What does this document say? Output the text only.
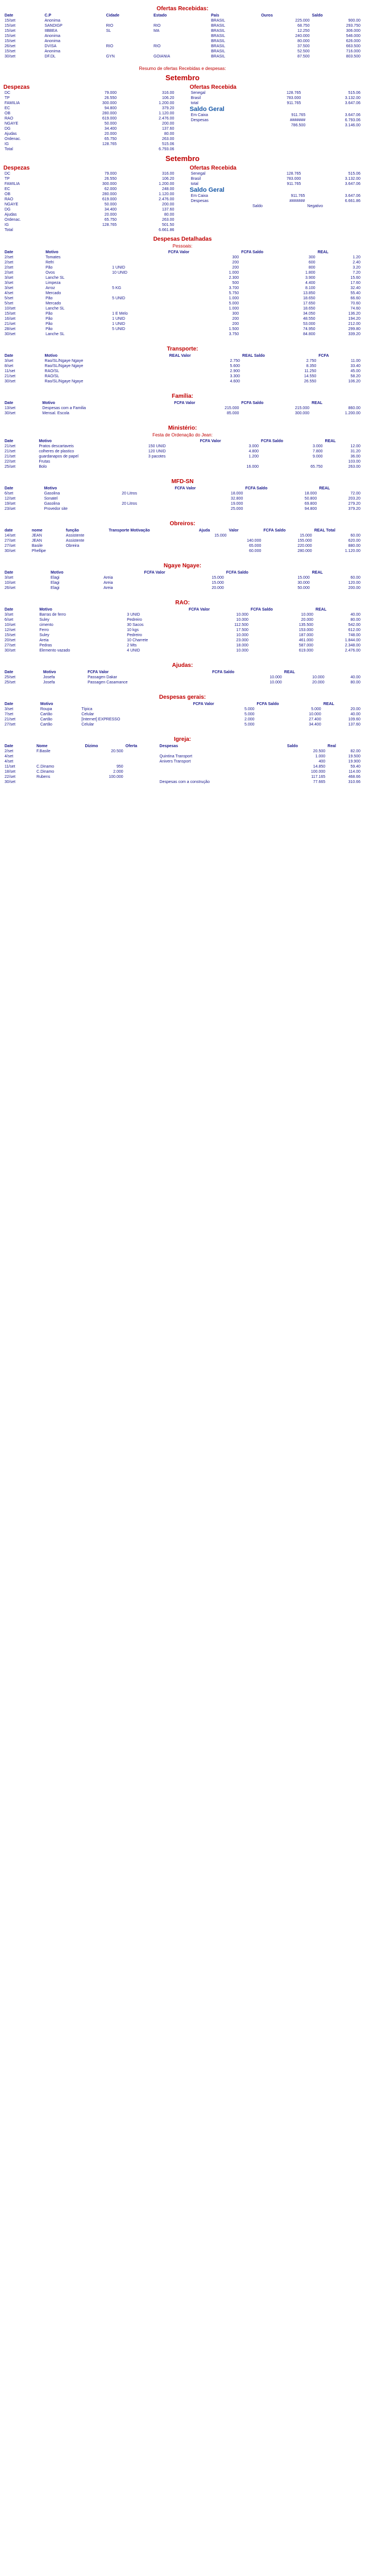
Ofertas Recebidas:
Date	C.P	Cidade	Estado	País	Ouros	Saldo
15/set	Anonima			BRASIL	225.000	900.00
15/set	SANDIGP	RIO	RIO	BRASIL	68.750	293.750
15/set	IIBBEA	SL	MA	BRASIL	12.250	306.000
15/set	Anonima			BRASIL	240.000	546.000
15/set	Anonima			BRASIL	80.000	626.000
26/set	DVISA	RIO	RIO	BRASIL	37.500	663.500
15/set	Anonima			BRASIL	52.500	716.000
30/set	DF.DL	GYN	GOIANIA	BRASIL	87.500	803.500
Resumo de ofertas Recebidas e despesas:
Setembro
Despezas
DC	79.000	316.00
TP	26.550	106.20
FAMILIA	300.000	1.200.00
EC	94.800	379.20
OB	280.000	1.120.00
RAO	619.000	2.476.00
NGAYE	50.000	200.00
DG	34.400	137.60
Ajudas	20.000	80.00
Ordenac.	65.750	263.00
IG	128.765	515.06
Total		6.793.06
Ofertas Recebida
Senegal	128.765	515.06
Brasil	783.000	3.132.00
total	911.765	3.647.06
Saldo Geral
Em Caixa	911.765	3.647.06
Despesas	#######	6.793.06
	786.500	3.146.00
Setembro
Despezas
DC	79.000	316.00
TP	26.550	106.20
FAMILIA	300.000	1.200.00
EC	62.000	248.00
OB	280.000	1.120.00
RAO	619.000	2.476.00
NGAYE	50.000	200.00
DG	34.400	137.60
Ajudas	20.000	80.00
Ordenac.	65.750	263.00
IG	128.765	501.50
Total		6.661.86
Ofertas Recebida
Senegal	128.765	515.06
Brasil	783.000	3.132.00
total	911.765	3.647.06
Saldo Geral
Em Caixa	911.765	3.647.06
Despesas	#######	6.661.86
	Saldo	Negativo
Despesas Detalhadas
Pessoais:
Date	Motivo		FCFA Valor	FCFA Saldo	REAL
2/set	Tomates		300	300	1.20
2/set	Refri		200	600	2.40
2/set	Pão	1 UNID	200	800	3.20
2/set	Ovos	10 UNID	1.000	1.800	7.20
3/set	Lanche SL		2.300	3.900	15.60
3/set	Limpeza		500	4.400	17.60
3/set	Arroz	5 KG	3.700	8.100	32.40
4/set	Mercado		5.750	13.850	55.40
5/set	Pão	5 UNID	1.000	18.650	66.60
5/set	Mercado		5.000	17.650	70.60
10/set	Lanche SL		1.000	18.650	74.60
15/set	Pão	1 E Melo	300	34.050	136.20
16/set	Pão	1 UNID	200	48.550	194.20
21/set	Pão	1 UNID	200	53.000	212.00
28/set	Pão	5 UNID	1.500	74.950	299.80
30/set	Lanche SL		3.750	84.800	339.20
Transporte:
Date	Motivo	REAL Valor	REAL Saldo	FCFA
3/set	Rao/SL/Ngaye Ngaye	2.750	2.750	11.00
8/set	Rao/SL/Ngaye Ngaye	5.600	8.350	33.40
11/set	RAO/SL	2.900	11.250	45.00
21/set	RAO/SL	3.300	14.550	58.20
30/set	Rao/SL/Ngaye Ngaye	4.600	26.550	106.20
Família:
Date	Motivo	FCFA Valor	FCFA Saldo	REAL
13/set	Despesas com a Familia	215.000	215.000	860.00
30/set	Mensal. Escola	85.000	300.000	1.200.00
Ministério:
Festa de Ordenação do Jean:
Date	Motivo		FCFA Valor	FCFA Saldo	REAL
21/set	Pratos descartaveis	150 UNID	3.000	3.000	12.00
21/set	colheres de plastico	120 UNID	4.800	7.800	31.20
21/set	guardanapos de papel	3 pacotes	1.200	9.000	36.00
22/set	Frutas				103.00
25/set	Bolo		16.000	65.750	263.00
MFD-SN
Date	Motivo		FCFA Valor	FCFA Saldo	REAL
6/set	Gasolina	20 Litros	18.000	18.000	72.00
12/set	Sonatel		32.800	50.800	203.20
19/set	Gasolina	20 Litros	19.000	69.800	279.20
23/set	Provedor site		25.000	94.800	379.20
Obreiros:
date	nome	função	Transporte Motivação	Ajuda	Valor	FCFA Saldo	REAL Total
14/set	JEAN	Assistente		15.000		15.000	60.00
27/set	JEAN	Assistente			140.000	155.000	620.00
27/set	Basile	Obreira			65.000	220.000	880.00
30/set	Phellipe				60.000	280.000	1.120.00
Ngaye Ngaye:
Date	Motivo		FCFA Valor	FCFA Saldo	REAL
3/set	Elagi	Areia	15.000	15.000	60.00
10/set	Elagi	Areia	15.000	30.000	120.00
26/set	Elagi	Areia	20.000	50.000	200.00
RAO:
Date	Motivo		FCFA Valor	FCFA Saldo	REAL
3/set	Barras de ferro	3 UNID	10.000	10.000	40.00
6/set	Suley	Pedreiro	10.000	20.000	80.00
10/set	cimento	30 Sacos	112.500	135.500	542.00
12/set	Ferro	10 kgs	17.500	153.000	612.00
15/set	Suley	Pedreiro	10.000	187.000	748.00
20/set	Areia	10 Charrete	23.000	461.000	1.844.00
27/set	Pedras	2 Mts	18.000	587.000	2.348.00
30/set	Elemento vazado	4 UNID	10.000	619.000	2.476.00
Ajudas:
Date	Motivo	FCFA Valor	FCFA Saldo	REAL	
25/set	Josefa	Passagen Dakar	10.000	10.000	40.00
25/set	Josefa	Passagen Casamance	10.000	20.000	80.00
Despesas gerais:
Date	Motivo		FCFA Valor	FCFA Saldo	REAL
3/set	Roupa	Típica	5.000	5.000	20.00
7/set	Cartão	Celular	5.000	10.000	40.00
21/set	Cartão	[Internet] EXPRESSO	2.000	27.400	109.60
27/set	Cartão	Celular	5.000	34.400	137.60
Igreja:
Date	Nome	Dízimo	Oferta	Despesas	Saldo	Real
2/set	F.Basile	20.500			20.500	82.00
4/set				Quintina Transport	1.000	19.500
4/set				Anivers Transport	400	19.900
11/set	C.Dinamo	950			14.850	59.40
18/set	C.Dinamo	2.000			100.000	114.00
22/set	Rubens	100.000			117.165	468.66
30/set				Despesas com a construção	77.665	310.66
